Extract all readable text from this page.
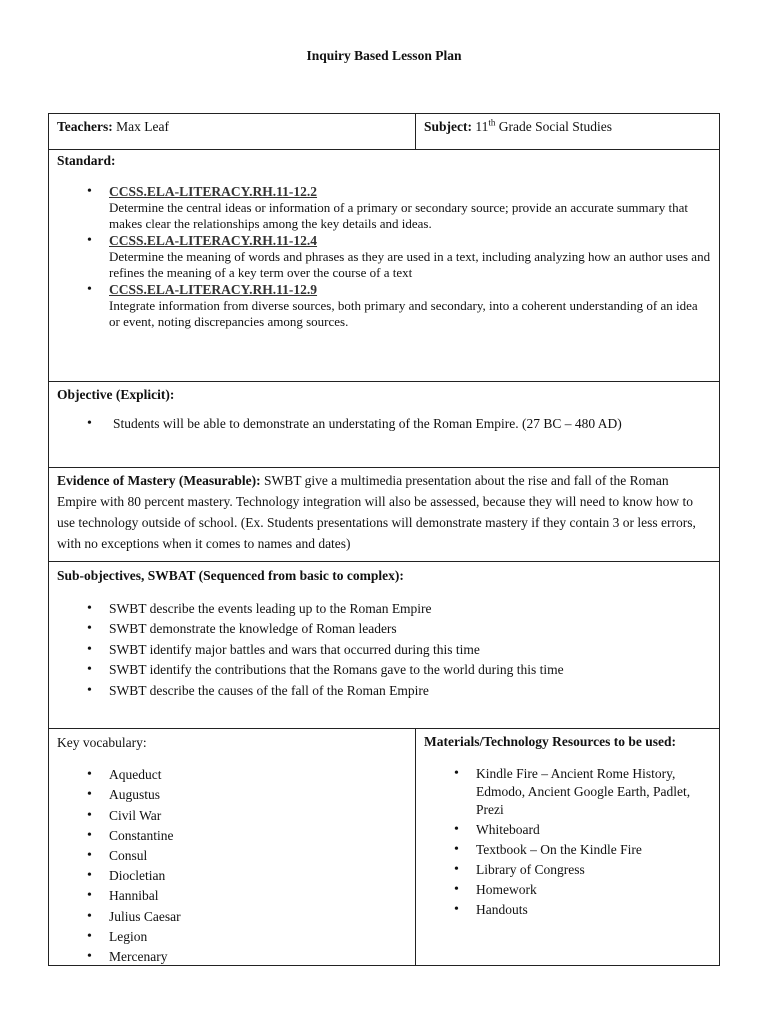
Inquiry Based Lesson Plan
Teachers: Max Leaf	Subject: 11th Grade Social Studies
Standard:
• CCSS.ELA-LITERACY.RH.11-12.2
Determine the central ideas or information of a primary or secondary source; provide an accurate summary that makes clear the relationships among the key details and ideas.
• CCSS.ELA-LITERACY.RH.11-12.4
Determine the meaning of words and phrases as they are used in a text, including analyzing how an author uses and refines the meaning of a key term over the course of a text
• CCSS.ELA-LITERACY.RH.11-12.9
Integrate information from diverse sources, both primary and secondary, into a coherent understanding of an idea or event, noting discrepancies among sources.
Objective (Explicit):
• Students will be able to demonstrate an understating of the Roman Empire. (27 BC – 480 AD)
Evidence of Mastery (Measurable): SWBT give a multimedia presentation about the rise and fall of the Roman Empire with 80 percent mastery. Technology integration will also be assessed, because they will need to know how to use technology outside of school. (Ex. Students presentations will demonstrate mastery if they contain 3 or less errors, with no exceptions when it comes to names and dates)
Sub-objectives, SWBAT (Sequenced from basic to complex):
• SWBT describe the events leading up to the Roman Empire
• SWBT demonstrate the knowledge of Roman leaders
• SWBT identify major battles and wars that occurred during this time
• SWBT identify the contributions that the Romans gave to the world during this time
• SWBT describe the causes of the fall of the Roman Empire
Key vocabulary:
• Aqueduct
• Augustus
• Civil War
• Constantine
• Consul
• Diocletian
• Hannibal
• Julius Caesar
• Legion
• Mercenary
Materials/Technology Resources to be used:
• Kindle Fire – Ancient Rome History, Edmodo, Ancient Google Earth, Padlet, Prezi
• Whiteboard
• Textbook – On the Kindle Fire
• Library of Congress
• Homework
• Handouts
